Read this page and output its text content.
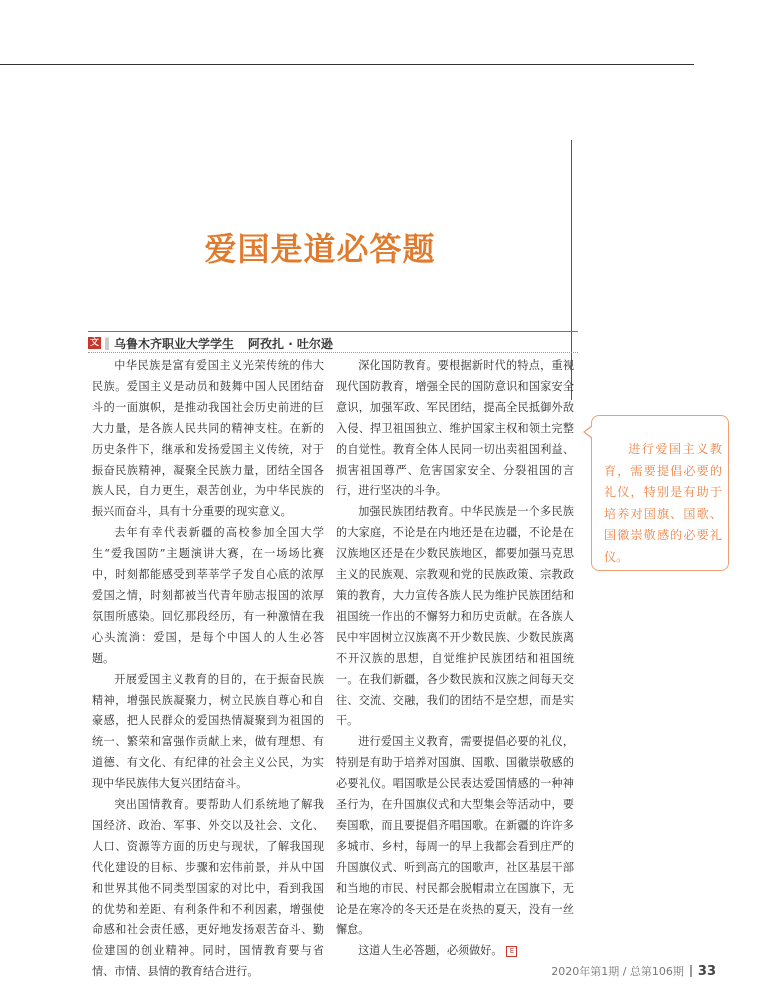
爱国是道必答题
文 ‖ 乌鲁木齐职业大学学生 阿孜扎 · 吐尔逊

中华民族是富有爱国主义光荣传统的伟大民族。爱国主义是动员和鼓舞中国人民团结奋斗的一面旗帜，是推动我国社会历史前进的巨大力量，是各族人民共同的精神支柱。在新的历史条件下，继承和发扬爱国主义传统，对于振奋民族精神，凝聚全民族力量，团结全国各族人民，自力更生，艰苦创业，为中华民族的振兴而奋斗，具有十分重要的现实意义。

去年有幸代表新疆的高校参加全国大学生“爱我国防”主题演讲大赛，在一场场比赛中，时刻都能感受到莘莘学子发自心底的浓厚爱国之情，时刻都被当代青年励志报国的浓厚氛围所感染。回忆那段经历，有一种激情在我心头流淌：爱国，是每个中国人的人生必答题。

开展爱国主义教育的目的，在于振奋民族精神，增强民族凝聚力，树立民族自尊心和自豪感，把人民群众的爱国热情凝聚到为祖国的统一、繁荣和富强作贡献上来，做有理想、有道德、有文化、有纪律的社会主义公民，为实现中华民族伟大复兴团结奋斗。

突出国情教育。要帮助人们系统地了解我国经济、政治、军事、外交以及社会、文化、人口、资源等方面的历史与现状，了解我国现代化建设的目标、步骤和宏伟前景，并从中国和世界其他不同类型国家的对比中，看到我国的优势和差距、有利条件和不利因素，增强使命感和社会责任感，更好地发扬艰苦奋斗、勤俭建国的创业精神。同时，国情教育要与省情、市情、县情的教育结合进行。

深化国防教育。要根据新时代的特点，重视现代国防教育，增强全民的国防意识和国家安全意识，加强军政、军民团结，提高全民抵御外敌入侵、捍卫祖国独立、维护国家主权和领土完整的自觉性。教育全体人民同一切出卖祖国利益、损害祖国尊严、危害国家安全、分裂祖国的言行，进行坚决的斗争。

加强民族团结教育。中华民族是一个多民族的大家庭，不论是在内地还是在边疆，不论是在汉族地区还是在少数民族地区，都要加强马克思主义的民族观、宗教观和党的民族政策、宗教政策的教育，大力宣传各族人民为维护民族团结和祖国统一作出的不懈努力和历史贡献。在各族人民中牢固树立汉族离不开少数民族、少数民族离不开汉族的思想，自觉维护民族团结和祖国统一。在我们新疆，各少数民族和汉族之间每天交往、交流、交融，我们的团结不是空想，而是实干。

进行爱国主义教育，需要提倡必要的礼仪，特别是有助于培养对国旗、国歌、国徽崇敬感的必要礼仪。唱国歌是公民表达爱国情感的一种神圣行为，在升国旗仪式和大型集会等活动中，要奏国歌，而且要提倡齐唱国歌。在新疆的许许多多城市、乡村，每周一的早上我都会看到庄严的升国旗仪式、听到高亢的国歌声，社区基层干部和当地的市民、村民都会脱帽肃立在国旗下，无论是在寒冷的冬天还是在炎热的夏天，没有一丝懈怠。

这道人生必答题，必须做好。 E

进行爱国主义教育，需要提倡必要的礼仪，特别是有助于培养对国旗、国歌、国徽崇敬感的必要礼仪。
2020年第1期 / 总第106期 33
